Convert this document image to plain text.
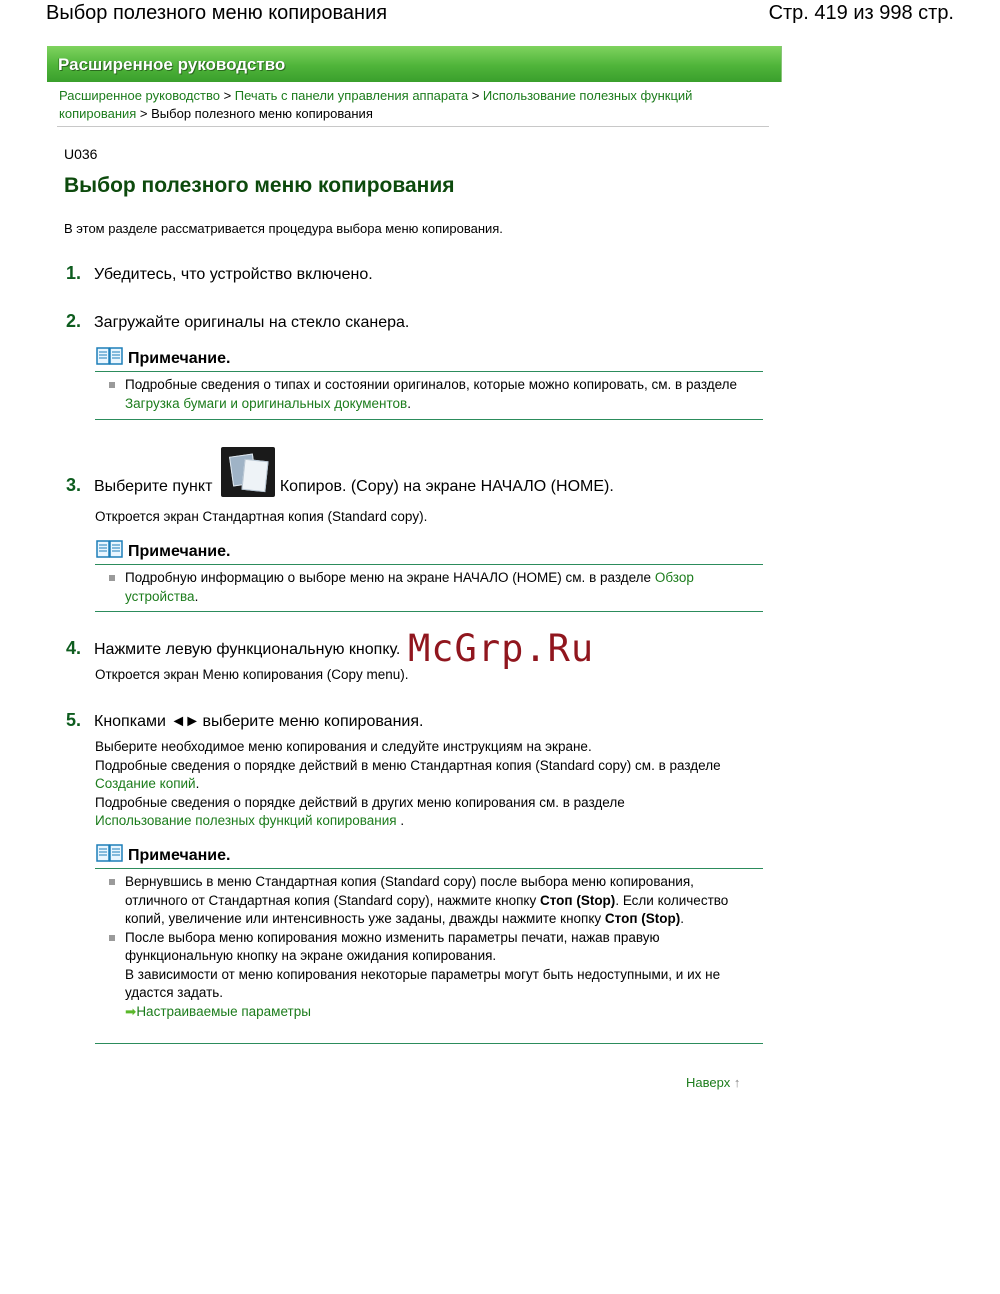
Выбор полезного меню копирования	Стр. 419 из 998 стр.
Расширенное руководство
Расширенное руководство > Печать с панели управления аппарата > Использование полезных функций копирования > Выбор полезного меню копирования
U036
Выбор полезного меню копирования
В этом разделе рассматривается процедура выбора меню копирования.
1. Убедитесь, что устройство включено.
2. Загружайте оригиналы на стекло сканера.
Примечание.
Подробные сведения о типах и состоянии оригиналов, которые можно копировать, см. в разделе Загрузка бумаги и оригинальных документов.
3. Выберите пункт	Копиров. (Copy) на экране НАЧАЛО (HOME).
Откроется экран Стандартная копия (Standard copy).
Примечание.
Подробную информацию о выборе меню на экране НАЧАЛО (HOME) см. в разделе Обзор устройства.
4. Нажмите левую функциональную кнопку.
Откроется экран Меню копирования (Copy menu).
5. Кнопками ◄► выберите меню копирования.
Выберите необходимое меню копирования и следуйте инструкциям на экране.
Подробные сведения о порядке действий в меню Стандартная копия (Standard copy) см. в разделе Создание копий.
Подробные сведения о порядке действий в других меню копирования см. в разделе
Использование полезных функций копирования .
Примечание.
Вернувшись в меню Стандартная копия (Standard copy) после выбора меню копирования, отличного от Стандартная копия (Standard copy), нажмите кнопку Стоп (Stop). Если количество копий, увеличение или интенсивность уже заданы, дважды нажмите кнопку Стоп (Stop).
После выбора меню копирования можно изменить параметры печати, нажав правую функциональную кнопку на экране ожидания копирования.
В зависимости от меню копирования некоторые параметры могут быть недоступными, и их не удастся задать.
➡Настраиваемые параметры
Наверх ↑
McGrp.Ru
